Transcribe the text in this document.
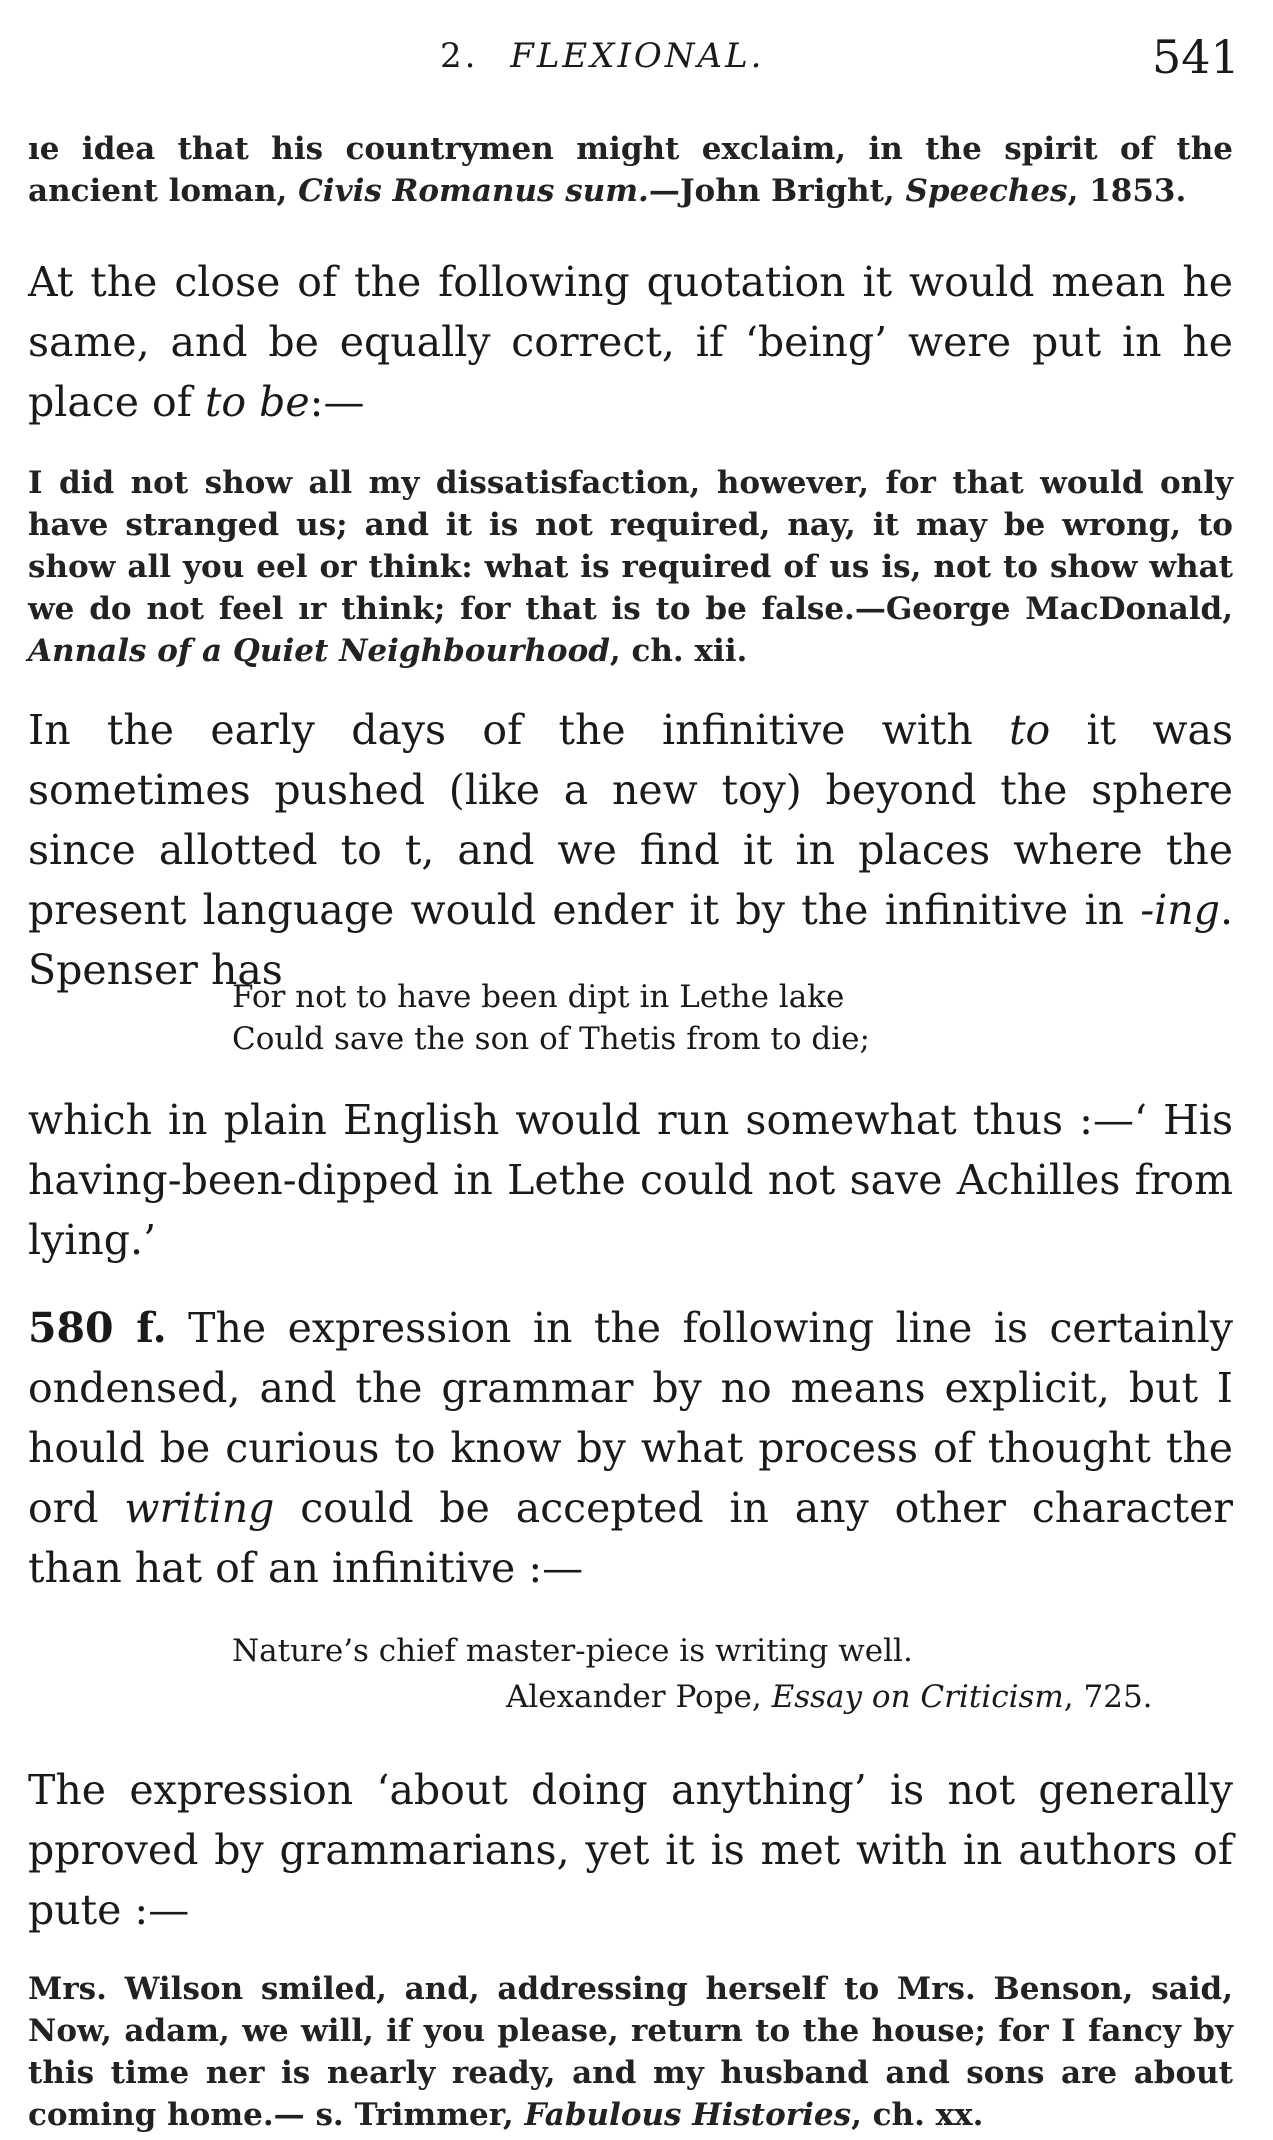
2. FLEXIONAL.	541

ıe idea that his countrymen might exclaim, in the spirit of the ancient loman, Civis Romanus sum.—John Bright, Speeches, 1853.

At the close of the following quotation it would mean he same, and be equally correct, if ‘being’ were put in he place of to be:—

I did not show all my dissatisfaction, however, for that would only have stranged us; and it is not required, nay, it may be wrong, to show all you eel or think: what is required of us is, not to show what we do not feel ır think; for that is to be false.—George MacDonald, Annals of a Quiet Neighbourhood, ch. xii.

In the early days of the infinitive with to it was sometimes pushed (like a new toy) beyond the sphere since allotted to t, and we find it in places where the present language would ender it by the infinitive in -ing. Spenser has

For not to have been dipt in Lethe lake
Could save the son of Thetis from to die;

which in plain English would run somewhat thus :—‘ His having-been-dipped in Lethe could not save Achilles from lying.’

580 f. The expression in the following line is certainly ondensed, and the grammar by no means explicit, but I hould be curious to know by what process of thought the ord writing could be accepted in any other character than hat of an infinitive :—

Nature’s chief master-piece is writing well.
Alexander Pope, Essay on Criticism, 725.

The expression ‘about doing anything’ is not generally pproved by grammarians, yet it is met with in authors of pute :—

Mrs. Wilson smiled, and, addressing herself to Mrs. Benson, said, Now, adam, we will, if you please, return to the house; for I fancy by this time ner is nearly ready, and my husband and sons are about coming home.— s. Trimmer, Fabulous Histories, ch. xx.
